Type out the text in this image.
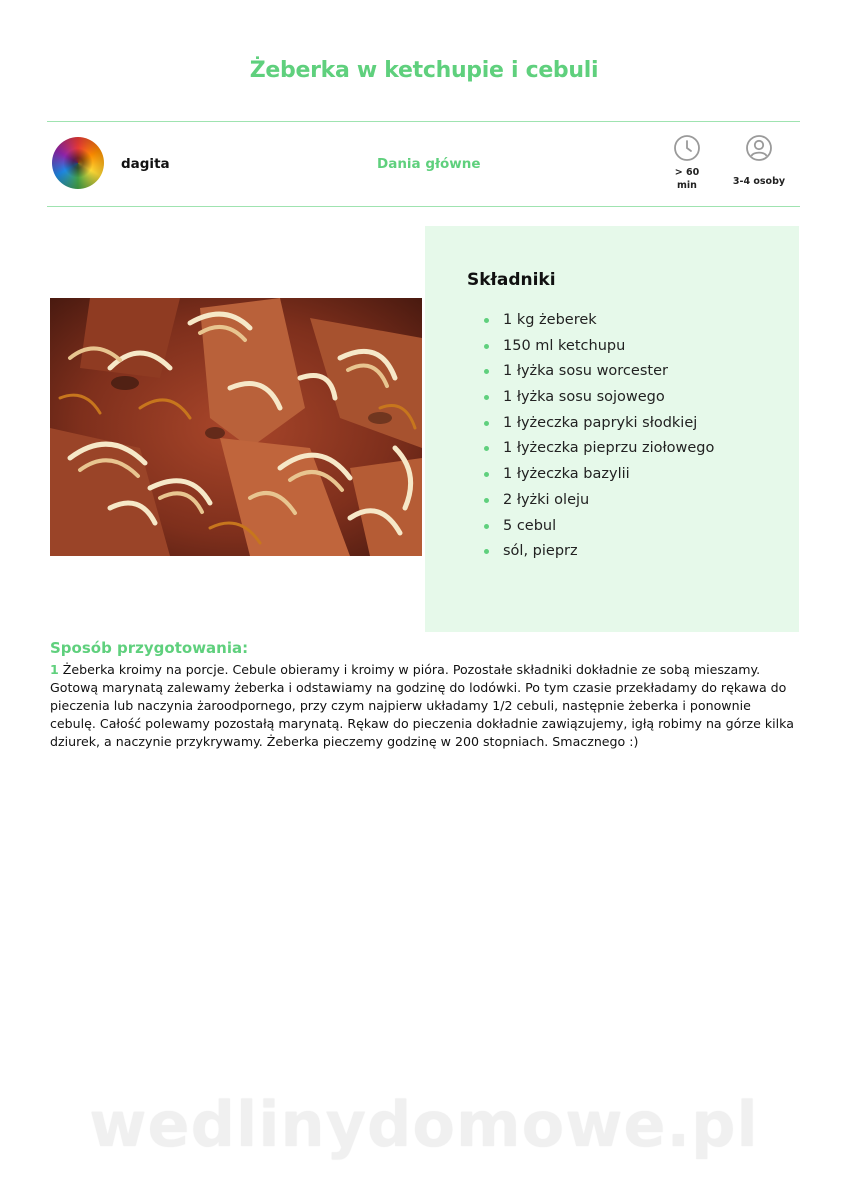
Żeberka w ketchupie i cebuli
dagita	Dania główne
> 60
min	3-4 osoby
Składniki
1 kg żeberek
150 ml ketchupu
1 łyżka sosu worcester
1 łyżka sosu sojowego
1 łyżeczka papryki słodkiej
1 łyżeczka pieprzu ziołowego
1 łyżeczka bazylii
2 łyżki oleju
5 cebul
sól, pieprz
Sposób przygotowania:
1 Żeberka kroimy na porcje. Cebule obieramy i kroimy w pióra. Pozostałe składniki dokładnie ze sobą mieszamy. Gotową marynatą zalewamy żeberka i odstawiamy na godzinę do lodówki. Po tym czasie przekładamy do rękawa do pieczenia lub naczynia żaroodpornego, przy czym najpierw układamy 1/2 cebuli, następnie żeberka i ponownie cebulę. Całość polewamy pozostałą marynatą. Rękaw do pieczenia dokładnie zawiązujemy, igłą robimy na górze kilka dziurek, a naczynie przykrywamy. Żeberka pieczemy godzinę w 200 stopniach. Smacznego :)
wedlinydomowe.pl
